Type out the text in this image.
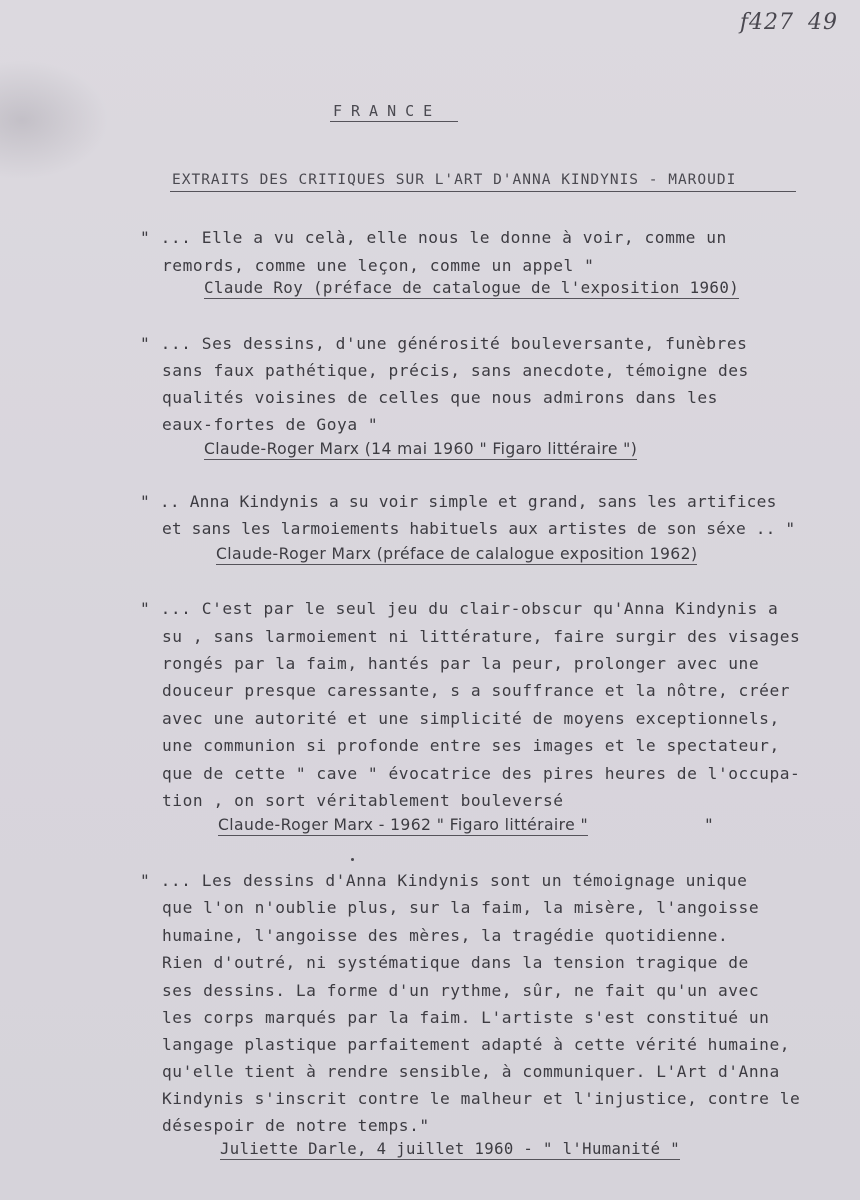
f427 49
FRANCE
EXTRAITS DES CRITIQUES SUR L'ART D'ANNA KINDYNIS - MAROUDI
" ... Elle a vu celà, elle nous le donne à voir, comme un
remords, comme une leçon, comme un appel "
Claude Roy (préface de catalogue de l'exposition 1960)
" ... Ses dessins, d'une générosité bouleversante, funèbres
sans faux pathétique, précis, sans anecdote, témoigne des
qualités voisines de celles que nous admirons dans les
eaux-fortes de Goya "
Claude-Roger Marx (14 mai 1960 " Figaro littéraire ")
" .. Anna Kindynis a su voir simple et grand, sans les artifices
et sans les larmoiements habituels aux artistes de son séxe .. "
Claude-Roger Marx (préface de calalogue exposition 1962)
" ... C'est par le seul jeu du clair-obscur qu'Anna Kindynis a
su , sans larmoiement ni littérature, faire surgir des visages
rongés par la faim, hantés par la peur, prolonger avec une
douceur presque caressante, s a souffrance et la nôtre, créer
avec une autorité et une simplicité de moyens exceptionnels,
une communion si profonde entre ses images et le spectateur,
que de cette " cave " évocatrice des pires heures de l'occupa-
tion , on sort véritablement bouleversé
Claude-Roger Marx - 1962 " Figaro littéraire "	"
" ... Les dessins d'Anna Kindynis sont un témoignage unique
que l'on n'oublie plus, sur la faim, la misère, l'angoisse
humaine, l'angoisse des mères, la tragédie quotidienne.
Rien d'outré, ni systématique dans la tension tragique de
ses dessins. La forme d'un rythme, sûr, ne fait qu'un avec
les corps marqués par la faim. L'artiste s'est constitué un
langage plastique parfaitement adapté à cette vérité humaine,
qu'elle tient à rendre sensible, à communiquer. L'Art d'Anna
Kindynis s'inscrit contre le malheur et l'injustice, contre le
désespoir de notre temps."
Juliette Darle, 4 juillet 1960 - " l'Humanité "
